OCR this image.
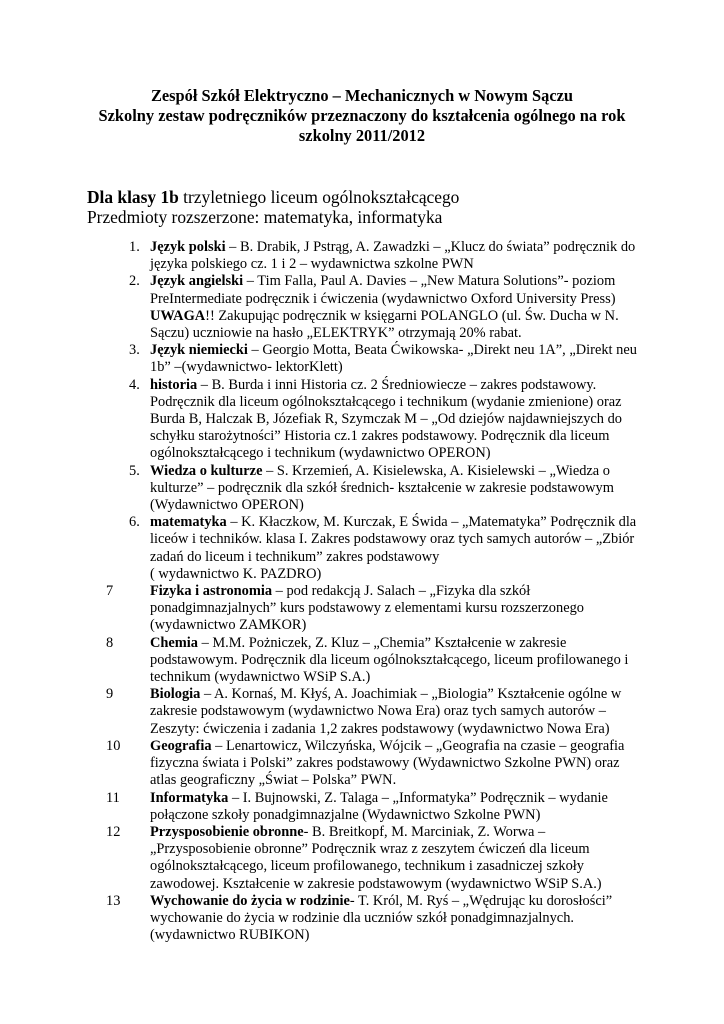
Zespół Szkół Elektryczno – Mechanicznych w Nowym Sączu
Szkolny zestaw podręczników przeznaczony do kształcenia ogólnego na rok
szkolny 2011/2012
Dla klasy 1b trzyletniego liceum ogólnokształcącego
Przedmioty rozszerzone: matematyka, informatyka
1. Język polski – B. Drabik, J Pstrąg, A. Zawadzki – „Klucz do świata” podręcznik do języka polskiego cz. 1 i 2 – wydawnictwa szkolne PWN
2. Język angielski – Tim Falla, Paul A. Davies – „New Matura Solutions”- poziom PreIntermediate podręcznik i ćwiczenia (wydawnictwo Oxford University Press)
UWAGA!! Zakupując podręcznik w księgarni POLANGLO (ul. Św. Ducha w N. Sączu) uczniowie na hasło „ELEKTRYK” otrzymają 20% rabat.
3. Język niemiecki – Georgio Motta, Beata Ćwikowska- „Direkt neu 1A”, „Direkt neu 1b” –(wydawnictwo- lektorKlett)
4. historia – B. Burda i inni Historia cz. 2 Średniowiecze – zakres podstawowy. Podręcznik dla liceum ogólnokształcącego i technikum (wydanie zmienione) oraz Burda B, Halczak B, Józefiak R, Szymczak M – „Od dziejów najdawniejszych do schyłku starożytności” Historia cz.1 zakres podstawowy. Podręcznik dla liceum ogólnokształcącego i technikum (wydawnictwo OPERON)
5. Wiedza o kulturze – S. Krzemień, A. Kisielewska, A. Kisielewski – „Wiedza o kulturze” – podręcznik dla szkół średnich- kształcenie w zakresie podstawowym (Wydawnictwo OPERON)
6. matematyka – K. Kłaczkow, M. Kurczak, E Świda – „Matematyka” Podręcznik dla liceów i techników. klasa I. Zakres podstawowy oraz tych samych autorów – „Zbiór zadań do liceum i technikum” zakres podstawowy
( wydawnictwo K. PAZDRO)
7	Fizyka i astronomia – pod redakcją J. Salach – „Fizyka dla szkół ponadgimnazjalnych” kurs podstawowy z elementami kursu rozszerzonego (wydawnictwo ZAMKOR)
8	Chemia – M.M. Pożniczek, Z. Kluz – „Chemia” Kształcenie w zakresie podstawowym. Podręcznik dla liceum ogólnokształcącego, liceum profilowanego i technikum (wydawnictwo WSiP S.A.)
9	Biologia – A. Kornaś, M. Kłyś, A. Joachimiak – „Biologia” Kształcenie ogólne w zakresie podstawowym (wydawnictwo Nowa Era) oraz tych samych autorów – Zeszyty: ćwiczenia i zadania 1,2 zakres podstawowy (wydawnictwo Nowa Era)
10 Geografia – Lenartowicz, Wilczyńska, Wójcik – „Geografia na czasie – geografia fizyczna świata i Polski” zakres podstawowy (Wydawnictwo Szkolne PWN) oraz atlas geograficzny „Świat – Polska” PWN.
11 Informatyka – I. Bujnowski, Z. Talaga – „Informatyka” Podręcznik – wydanie połączone szkoły ponadgimnazjalne (Wydawnictwo Szkolne PWN)
12 Przysposobienie obronne- B. Breitkopf, M. Marciniak, Z. Worwa – „Przysposobienie obronne” Podręcznik wraz z zeszytem ćwiczeń dla liceum ogólnokształcącego, liceum profilowanego, technikum i zasadniczej szkoły zawodowej. Kształcenie w zakresie podstawowym (wydawnictwo WSiP S.A.)
13 Wychowanie do życia w rodzinie- T. Król, M. Ryś – „Wędrując ku dorosłości” wychowanie do życia w rodzinie dla uczniów szkół ponadgimnazjalnych.(wydawnictwo RUBIKON)
